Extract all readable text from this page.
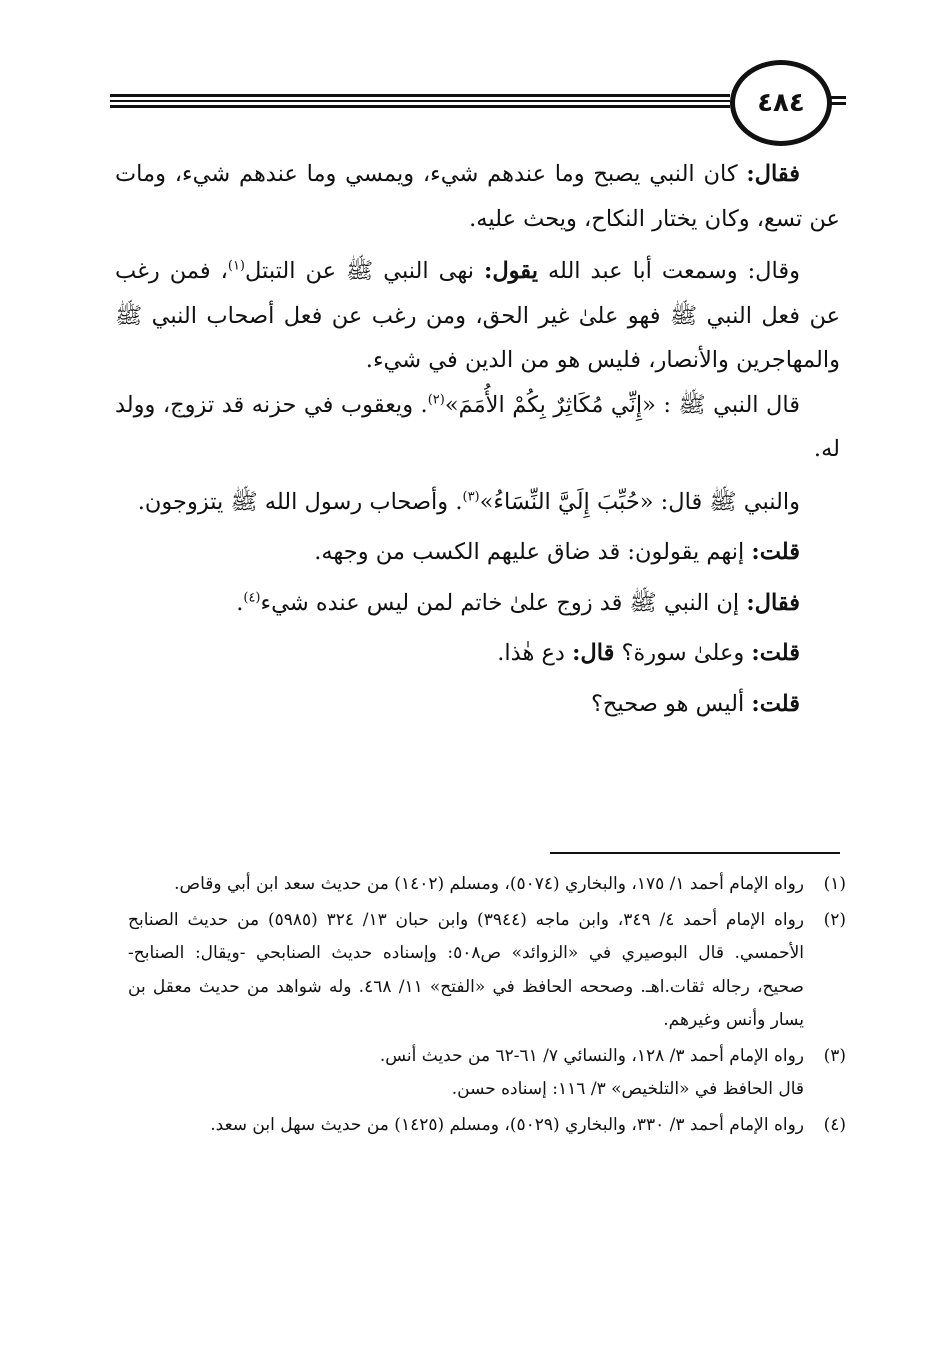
٤٨٤

فقال: كان النبي يصبح وما عندهم شيء، ويمسي وما عندهم شيء، ومات عن تسع، وكان يختار النكاح، ويحث عليه.

وقال: وسمعت أبا عبد الله يقول: نهى النبي ﷺ عن التبتل$^{(١)}$، فمن رغب عن فعل النبي ﷺ فهو علىٰ غير الحق، ومن رغب عن فعل أصحاب النبي ﷺ والمهاجرين والأنصار، فليس هو من الدين في شيء.

قال النبي ﷺ : «إِنِّي مُكَاثِرٌ بِكُمْ الأُمَمَ»$^{(٢)}$. ويعقوب في حزنه قد تزوج، وولد له.

والنبي ﷺ قال: «حُبِّبَ إِلَيَّ النِّسَاءُ»$^{(٣)}$. وأصحاب رسول الله ﷺ يتزوجون.

قلت: إنهم يقولون: قد ضاق عليهم الكسب من وجهه.

فقال: إن النبي ﷺ قد زوج علىٰ خاتم لمن ليس عنده شيء$^{(٤)}$.

قلت: وعلىٰ سورة؟ قال: دع هٰذا.

قلت: أليس هو صحيح؟

(١)
رواه الإمام أحمد ١/ ١٧٥، والبخاري (٥٠٧٤)، ومسلم (١٤٠٢) من حديث سعد ابن أبي وقاص.
(٢)
رواه الإمام أحمد ٤/ ٣٤٩، وابن ماجه (٣٩٤٤) وابن حبان ١٣/ ٣٢٤ (٥٩٨٥) من حديث الصنابح الأحمسي. قال البوصيري في «الزوائد» ص٥٠٨: وإسناده حديث الصنابحي -ويقال: الصنابح- صحيح، رجاله ثقات.اهـ. وصححه الحافظ في «الفتح» ١١/ ٤٦٨. وله شواهد من حديث معقل بن يسار وأنس وغيرهم.
(٣)
رواه الإمام أحمد ٣/ ١٢٨، والنسائي ٧/ ٦١-٦٢ من حديث أنس.
قال الحافظ في «التلخيص» ٣/ ١١٦: إسناده حسن.
(٤)
رواه الإمام أحمد ٣/ ٣٣٠، والبخاري (٥٠٢٩)، ومسلم (١٤٢٥) من حديث سهل ابن سعد.
